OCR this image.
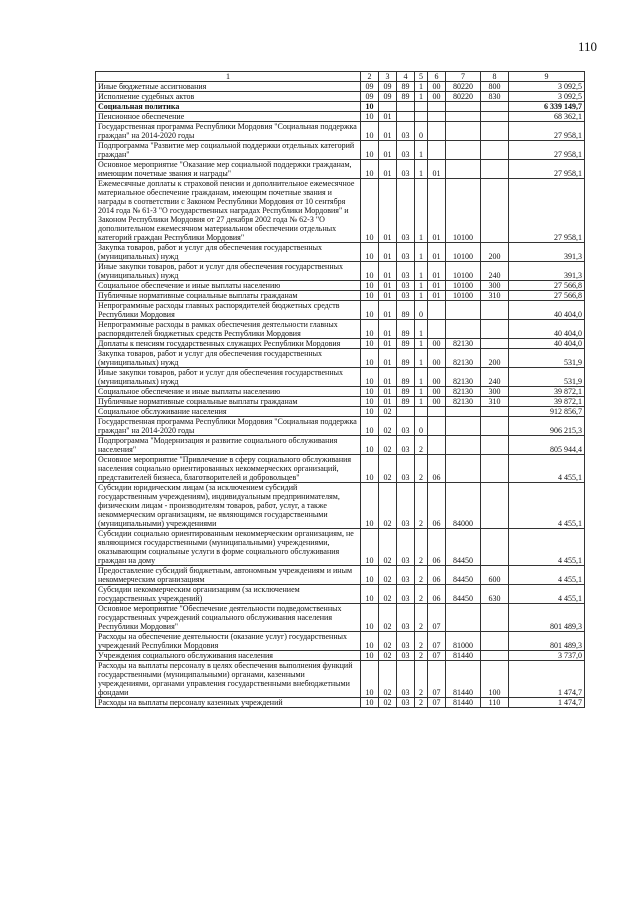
110
1	2	3	4	5	6	7	8	9
Иные бюджетные ассигнования	09	09	89	1	00	80220	800	3 092,5
Исполнение судебных актов	09	09	89	1	00	80220	830	3 092,5
Социальная политика	10							6 339 149,7
Пенсионное обеспечение	10	01						68 362,1
Государственная программа Республики Мордовия "Социальная поддержка граждан" на 2014-2020 годы	10	01	03	0				27 958,1
Подпрограмма "Развитие мер социальной поддержки отдельных категорий граждан"	10	01	03	1				27 958,1
Основное мероприятие "Оказание мер социальной поддержки гражданам, имеющим почетные звания и награды"	10	01	03	1	01			27 958,1
Ежемесячные доплаты к страховой пенсии и дополнительное ежемесячное материальное обеспечение гражданам, имеющим почетные звания и награды в соответствии с Законом Республики Мордовия от 10 сентября 2014 года № 61-З "О государственных наградах Республики Мордовия" и Законом Республики Мордовия от 27 декабря 2002 года № 62-З "О дополнительном ежемесячном материальном обеспечении отдельных категорий граждан Республики Мордовия"	10	01	03	1	01	10100		27 958,1
Закупка товаров, работ и услуг для обеспечения государственных (муниципальных) нужд	10	01	03	1	01	10100	200	391,3
Иные закупки товаров, работ и услуг для обеспечения государственных (муниципальных) нужд	10	01	03	1	01	10100	240	391,3
Социальное обеспечение и иные выплаты населению	10	01	03	1	01	10100	300	27 566,8
Публичные нормативные социальные выплаты гражданам	10	01	03	1	01	10100	310	27 566,8
Непрограммные расходы главных распорядителей бюджетных средств Республики Мордовия	10	01	89	0				40 404,0
Непрограммные расходы в рамках обеспечения деятельности главных распорядителей бюджетных средств Республики Мордовия	10	01	89	1				40 404,0
Доплаты к пенсиям государственных служащих Республики Мордовия	10	01	89	1	00	82130		40 404,0
Закупка товаров, работ и услуг для обеспечения государственных (муниципальных) нужд	10	01	89	1	00	82130	200	531,9
Иные закупки товаров, работ и услуг для обеспечения государственных (муниципальных) нужд	10	01	89	1	00	82130	240	531,9
Социальное обеспечение и иные выплаты населению	10	01	89	1	00	82130	300	39 872,1
Публичные нормативные социальные выплаты гражданам	10	01	89	1	00	82130	310	39 872,1
Социальное обслуживание населения	10	02						912 856,7
Государственная программа Республики Мордовия "Социальная поддержка граждан" на 2014-2020 годы	10	02	03	0				906 215,3
Подпрограмма "Модернизация и развитие социального обслуживания населения"	10	02	03	2				805 944,4
Основное мероприятие "Привлечение в сферу социального обслуживания населения социально ориентированных некоммерческих организаций, представителей бизнеса, благотворителей и добровольцев"	10	02	03	2	06			4 455,1
Субсидии юридическим лицам (за исключением субсидий государственным учреждениям), индивидуальным предпринимателям, физическим лицам - производителям товаров, работ, услуг, а также некоммерческим организациям, не являющимся государственными (муниципальными) учреждениями	10	02	03	2	06	84000		4 455,1
Субсидии социально ориентированным некоммерческим организациям, не являющимся государственными (муниципальными) учреждениями, оказывающим социальные услуги в форме социального обслуживания граждан на дому	10	02	03	2	06	84450		4 455,1
Предоставление субсидий бюджетным, автономным учреждениям и иным некоммерческим организациям	10	02	03	2	06	84450	600	4 455,1
Субсидии некоммерческим организациям (за исключением государственных учреждений)	10	02	03	2	06	84450	630	4 455,1
Основное мероприятие "Обеспечение деятельности подведомственных государственных учреждений социального обслуживания населения Республики Мордовия"	10	02	03	2	07			801 489,3
Расходы на обеспечение деятельности (оказание услуг) государственных учреждений Республики Мордовия	10	02	03	2	07	81000		801 489,3
Учреждения социального обслуживания населения	10	02	03	2	07	81440		3 737,0
Расходы на выплаты персоналу в целях обеспечения выполнения функций государственными (муниципальными) органами, казенными учреждениями, органами управления государственными внебюджетными фондами	10	02	03	2	07	81440	100	1 474,7
Расходы на выплаты персоналу казенных учреждений	10	02	03	2	07	81440	110	1 474,7
